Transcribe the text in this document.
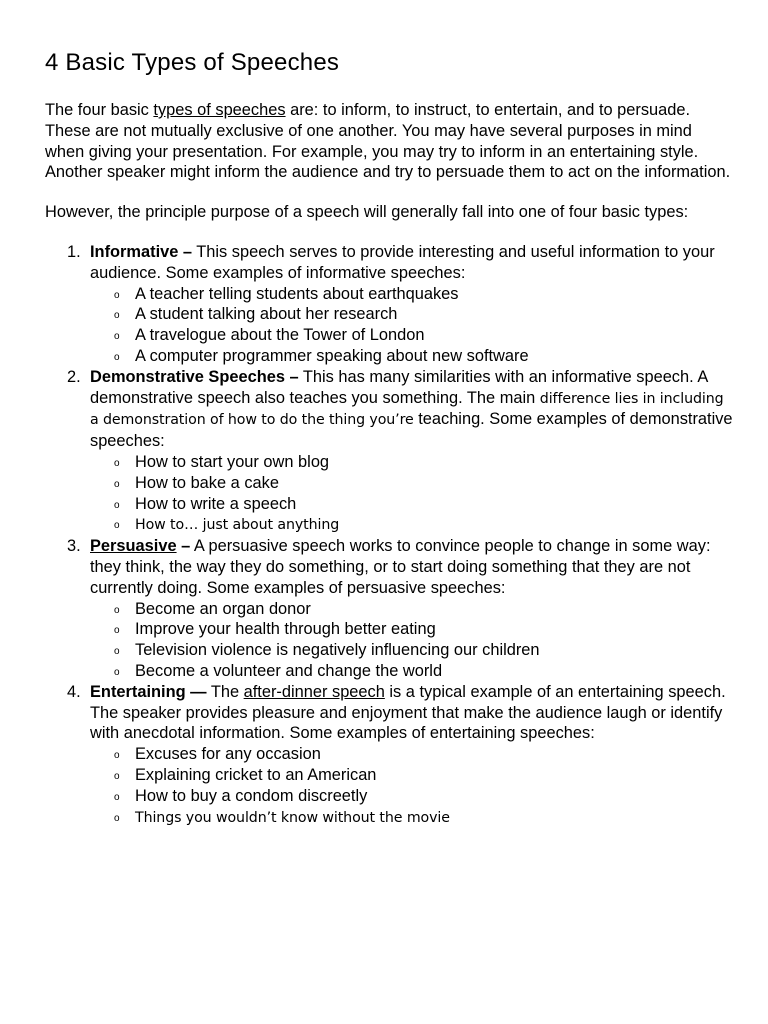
4 Basic Types of Speeches

The four basic types of speeches are: to inform, to instruct, to entertain, and to persuade. These are not mutually exclusive of one another. You may have several purposes in mind when giving your presentation. For example, you may try to inform in an entertaining style. Another speaker might inform the audience and try to persuade them to act on the information.

However, the principle purpose of a speech will generally fall into one of four basic types:

1. Informative – This speech serves to provide interesting and useful information to your audience. Some examples of informative speeches:
o A teacher telling students about earthquakes
o A student talking about her research
o A travelogue about the Tower of London
o A computer programmer speaking about new software
2. Demonstrative Speeches – This has many similarities with an informative speech. A demonstrative speech also teaches you something. The main difference lies in including a demonstration of how to do the thing you’re teaching. Some examples of demonstrative speeches:
o How to start your own blog
o How to bake a cake
o How to write a speech
o How to… just about anything
3. Persuasive – A persuasive speech works to convince people to change in some way: they think, the way they do something, or to start doing something that they are not currently doing. Some examples of persuasive speeches:
o Become an organ donor
o Improve your health through better eating
o Television violence is negatively influencing our children
o Become a volunteer and change the world
4. Entertaining — The after-dinner speech is a typical example of an entertaining speech. The speaker provides pleasure and enjoyment that make the audience laugh or identify with anecdotal information. Some examples of entertaining speeches:
o Excuses for any occasion
o Explaining cricket to an American
o How to buy a condom discreetly
o Things you wouldn’t know without the movie
